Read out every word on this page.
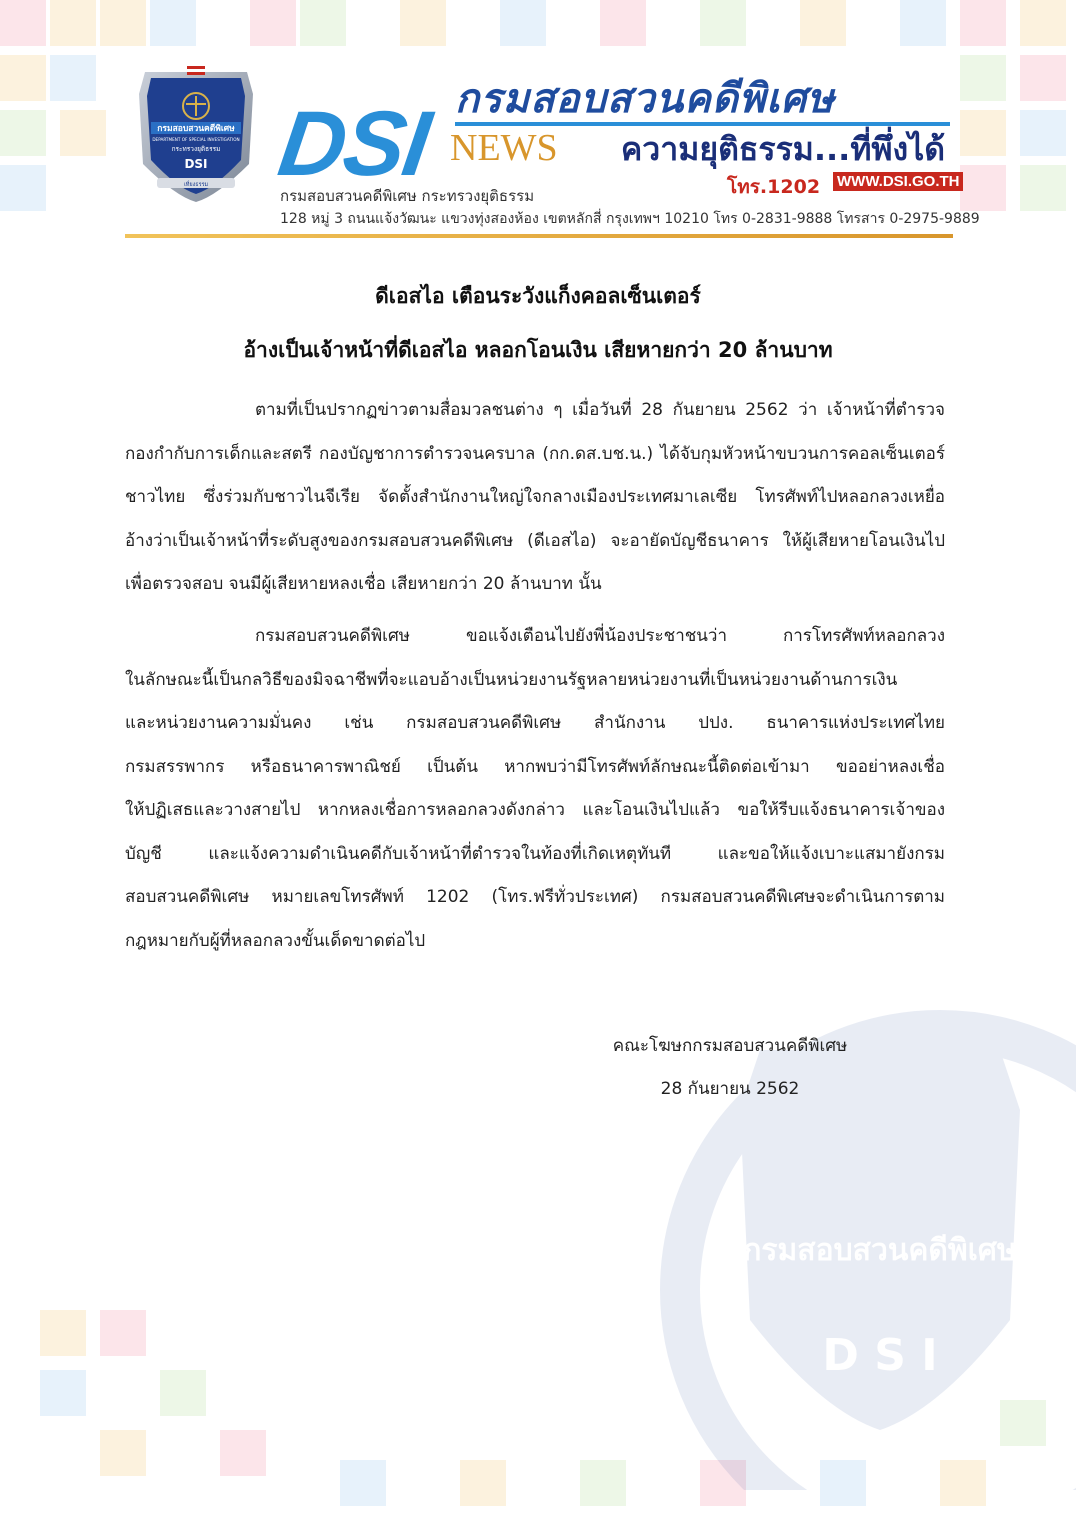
กรมสอบสวนคดีพิเศษ
D S I
กรมสอบสวนคดีพิเศษ
DEPARTMENT OF SPECIAL INVESTIGATION
กระทรวงยุติธรรม
DSI
เที่ยงธรรม DSI กรมสอบสวนคดีพิเศษ
NEWS ความยุติธรรม...ที่พึ่งได้
กรมสอบสวนคดีพิเศษ กระทรวงยุติธรรม	โทร.1202 WWW.DSI.GO.TH
128 หมู่ 3 ถนนแจ้งวัฒนะ แขวงทุ่งสองห้อง เขตหลักสี่ กรุงเทพฯ 10210 โทร 0-2831-9888 โทรสาร 0-2975-9889
ดีเอสไอ เตือนระวังแก็งคอลเซ็นเตอร์
อ้างเป็นเจ้าหน้าที่ดีเอสไอ หลอกโอนเงิน เสียหายกว่า 20 ล้านบาท
ตามที่เป็นปรากฏข่าวตามสื่อมวลชนต่าง ๆ เมื่อวันที่ 28 กันยายน 2562 ว่า เจ้าหน้าที่ตำรวจ
กองกำกับการเด็กและสตรี กองบัญชาการตำรวจนครบาล (กก.ดส.บช.น.) ได้จับกุมหัวหน้าขบวนการคอลเซ็นเตอร์
ชาวไทย ซึ่งร่วมกับชาวไนจีเรีย จัดตั้งสำนักงานใหญ่ใจกลางเมืองประเทศมาเลเซีย โทรศัพท์ไปหลอกลวงเหยื่อ
อ้างว่าเป็นเจ้าหน้าที่ระดับสูงของกรมสอบสวนคดีพิเศษ (ดีเอสไอ) จะอายัดบัญชีธนาคาร ให้ผู้เสียหายโอนเงินไป
เพื่อตรวจสอบ จนมีผู้เสียหายหลงเชื่อ เสียหายกว่า 20 ล้านบาท นั้น
กรมสอบสวนคดีพิเศษ ขอแจ้งเตือนไปยังพี่น้องประชาชนว่า การโทรศัพท์หลอกลวง
ในลักษณะนี้เป็นกลวิธีของมิจฉาชีพที่จะแอบอ้างเป็นหน่วยงานรัฐหลายหน่วยงานที่เป็นหน่วยงานด้านการเงิน
และหน่วยงานความมั่นคง เช่น กรมสอบสวนคดีพิเศษ สำนักงาน ปปง. ธนาคารแห่งประเทศไทย
กรมสรรพากร หรือธนาคารพาณิชย์ เป็นต้น หากพบว่ามีโทรศัพท์ลักษณะนี้ติดต่อเข้ามา ขออย่าหลงเชื่อ
ให้ปฏิเสธและวางสายไป หากหลงเชื่อการหลอกลวงดังกล่าว และโอนเงินไปแล้ว ขอให้รีบแจ้งธนาคารเจ้าของ
บัญชี และแจ้งความดำเนินคดีกับเจ้าหน้าที่ตำรวจในท้องที่เกิดเหตุทันที และขอให้แจ้งเบาะแสมายังกรม
สอบสวนคดีพิเศษ หมายเลขโทรศัพท์ 1202 (โทร.ฟรีทั่วประเทศ) กรมสอบสวนคดีพิเศษจะดำเนินการตาม
กฎหมายกับผู้ที่หลอกลวงขั้นเด็ดขาดต่อไป
คณะโฆษกกรมสอบสวนคดีพิเศษ
28 กันยายน 2562
